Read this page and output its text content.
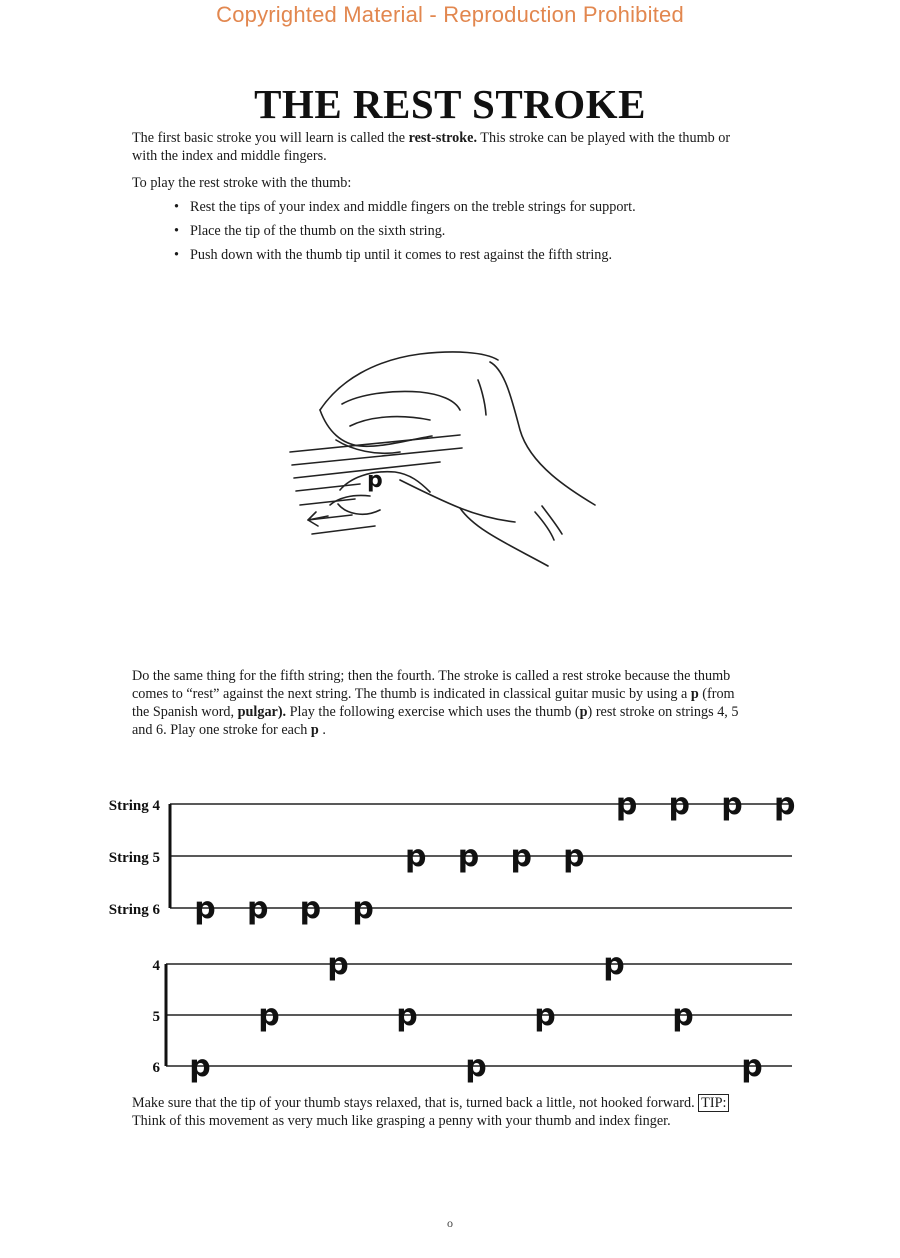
Copyrighted Material - Reproduction Prohibited
THE REST STROKE

The first basic stroke you will learn is called the rest-stroke. This stroke can be played with the thumb or with the index and middle fingers.

To play the rest stroke with the thumb:

• Rest the tips of your index and middle fingers on the treble strings for support.
• Place the tip of the thumb on the sixth string.
• Push down with the thumb tip until it comes to rest against the fifth string.
p

Do the same thing for the fifth string; then the fourth. The stroke is called a rest stroke because the thumb comes to “rest” against the next string. The thumb is indicated in classical guitar music by using a p (from the Spanish word, pulgar). Play the following exercise which uses the thumb (p) rest stroke on strings 4, 5 and 6. Play one stroke for each p .

String 4
String 5
String 6 p p p p
p p p p
p p p p
4
5
6 p
p
p
p
p
p
p
p
p

Make sure that the tip of your thumb stays relaxed, that is, turned back a little, not hooked forward. TIP: Think of this movement as very much like grasping a penny with your thumb and index finger.

o
